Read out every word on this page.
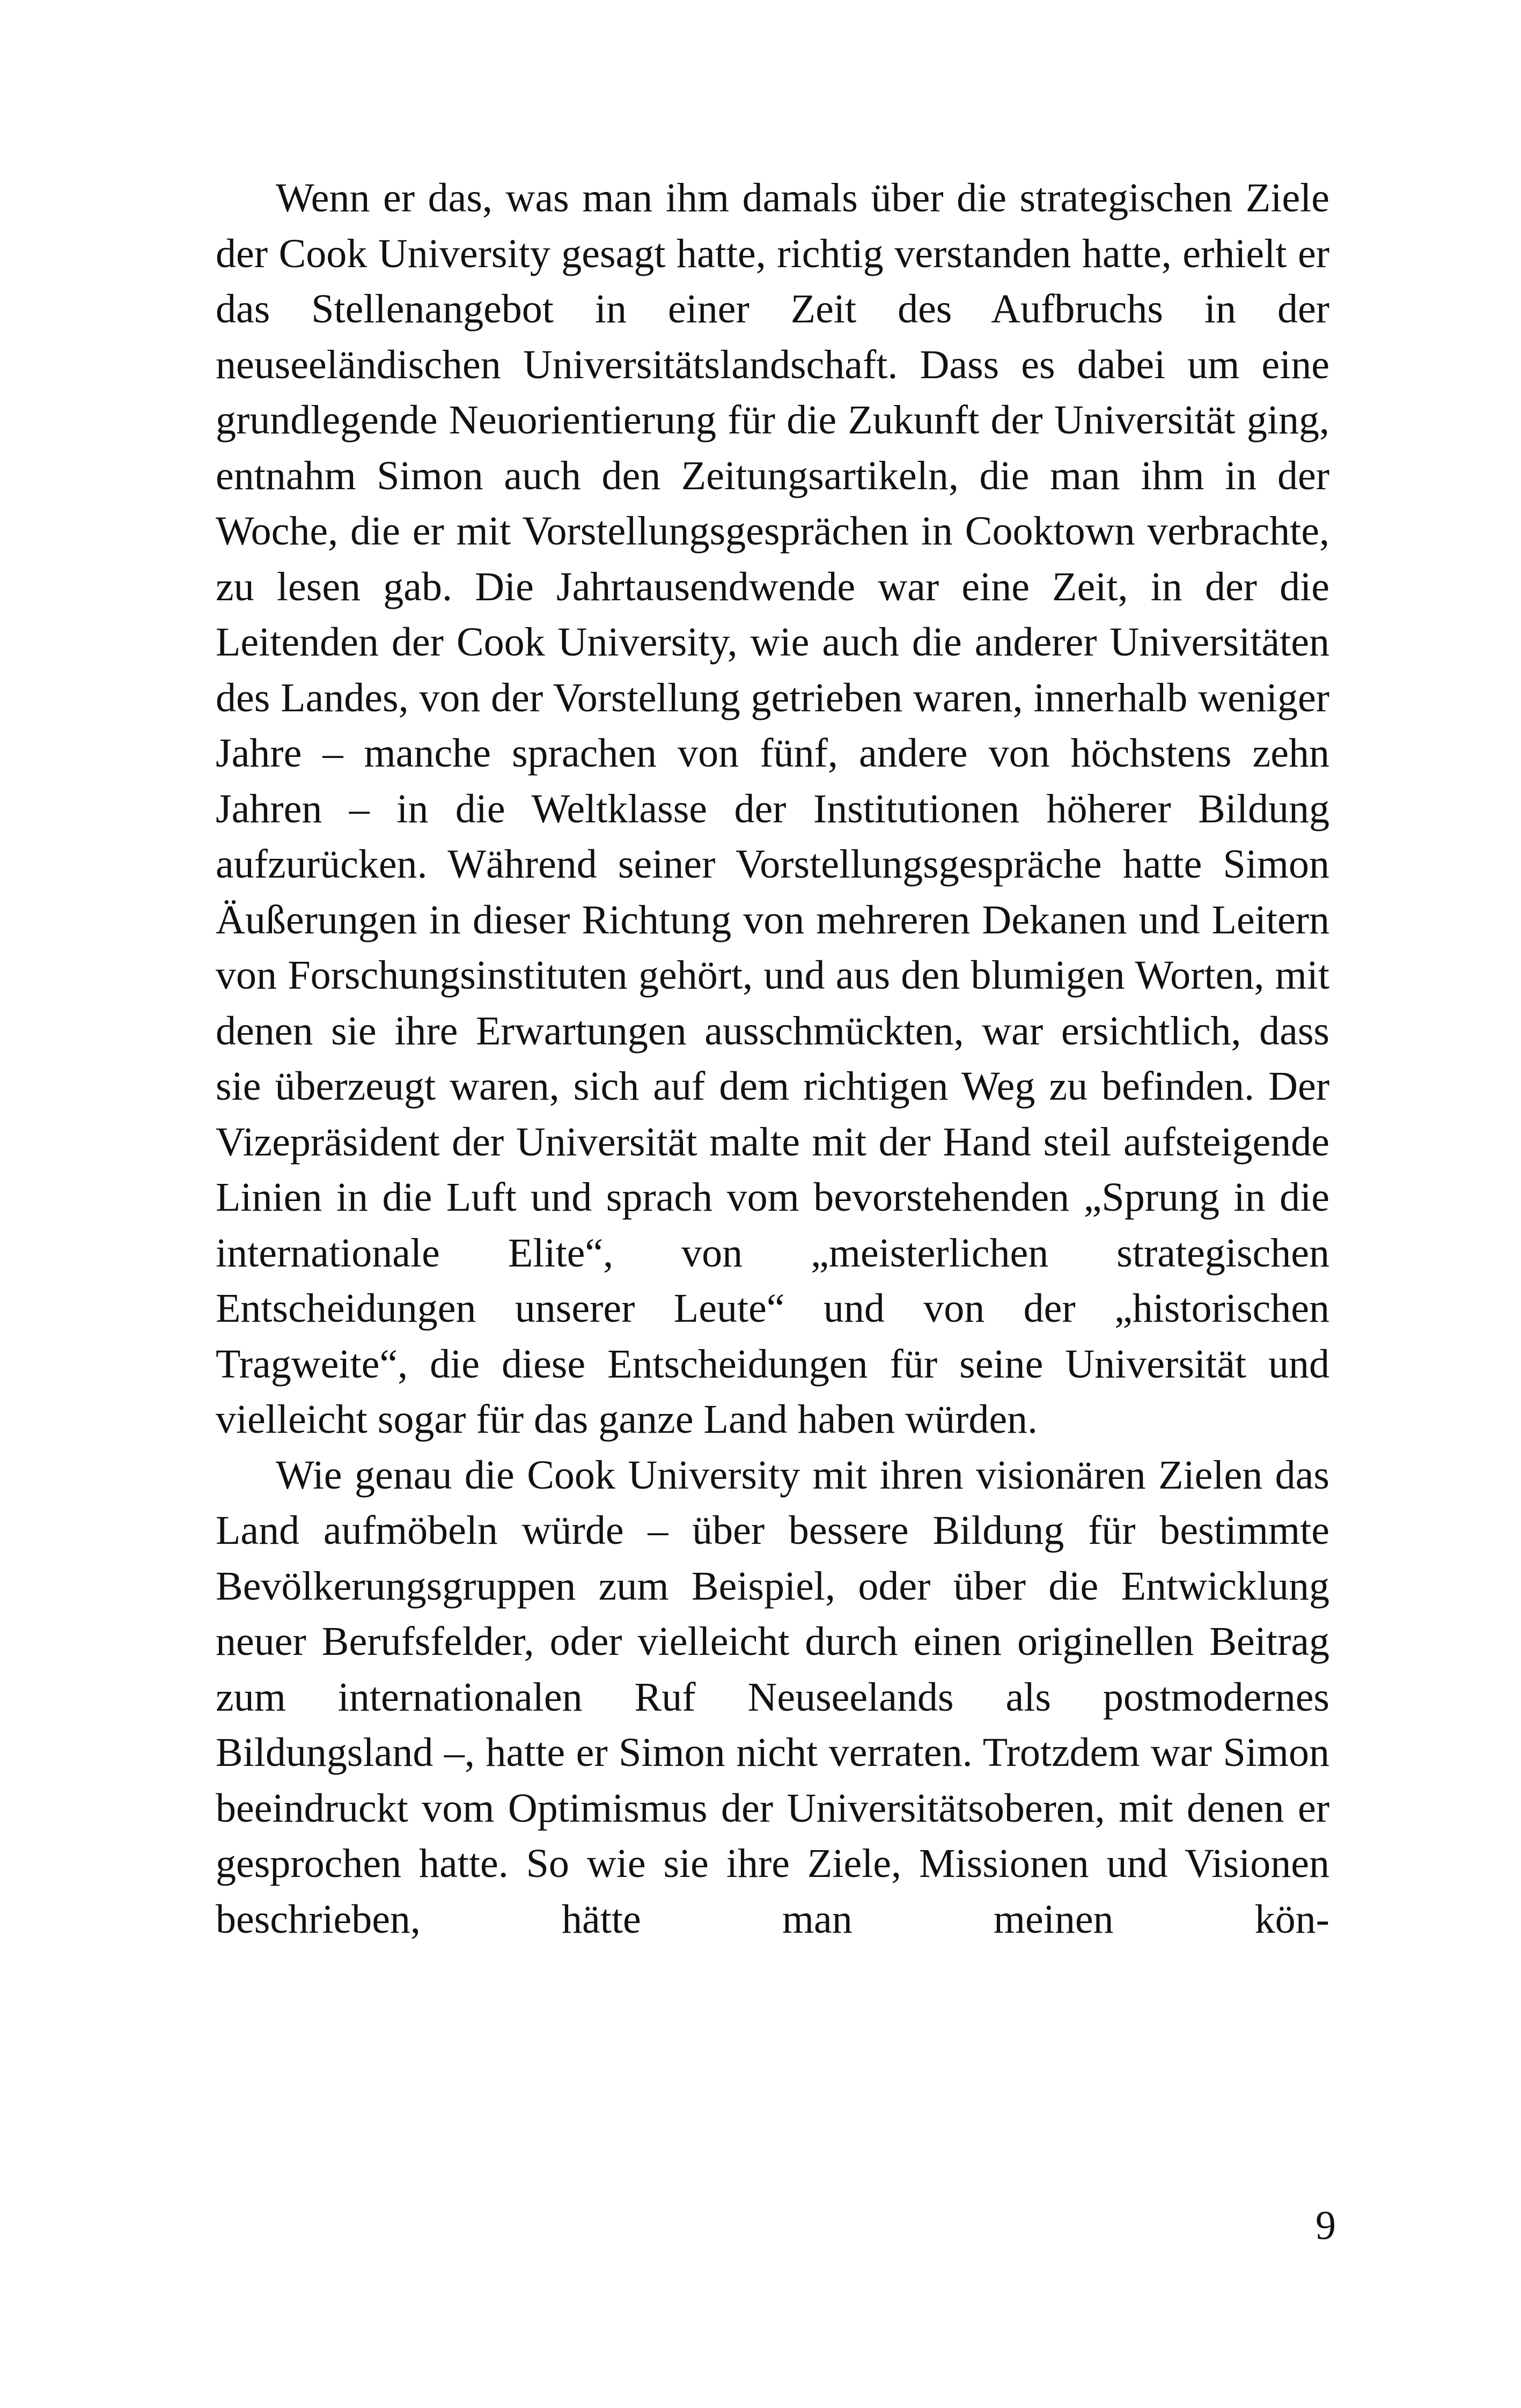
Wenn er das, was man ihm damals über die strategischen Ziele der Cook University gesagt hatte, richtig verstanden hatte, erhielt er das Stellenangebot in einer Zeit des Aufbruchs in der neuseeländischen Universitätslandschaft. Dass es dabei um eine grundlegende Neuorientierung für die Zukunft der Universität ging, entnahm Simon auch den Zeitungsartikeln, die man ihm in der Woche, die er mit Vorstellungsgesprächen in Cooktown verbrachte, zu lesen gab. Die Jahrtausendwende war eine Zeit, in der die Leitenden der Cook University, wie auch die anderer Universitäten des Landes, von der Vorstellung getrieben waren, innerhalb weniger Jahre – manche sprachen von fünf, andere von höchstens zehn Jahren – in die Weltklasse der Institutionen höherer Bildung aufzurücken. Während seiner Vorstellungsgespräche hatte Simon Äußerungen in dieser Richtung von mehreren Dekanen und Leitern von Forschungsinstituten gehört, und aus den blumigen Worten, mit denen sie ihre Erwartungen ausschmückten, war ersichtlich, dass sie überzeugt waren, sich auf dem richtigen Weg zu befinden. Der Vizepräsident der Universität malte mit der Hand steil aufsteigende Linien in die Luft und sprach vom bevorstehenden „Sprung in die internationale Elite“, von „meisterlichen strategischen Entscheidungen unserer Leute“ und von der „historischen Tragweite“, die diese Entscheidungen für seine Universität und vielleicht sogar für das ganze Land haben würden.

Wie genau die Cook University mit ihren visionären Zielen das Land aufmöbeln würde – über bessere Bildung für bestimmte Bevölkerungsgruppen zum Beispiel, oder über die Entwicklung neuer Berufsfelder, oder vielleicht durch einen originellen Beitrag zum internationalen Ruf Neuseelands als postmodernes Bildungsland –, hatte er Simon nicht verraten. Trotzdem war Simon beeindruckt vom Optimismus der Universitätsoberen, mit denen er gesprochen hatte. So wie sie ihre Ziele, Missionen und Visionen beschrieben, hätte man meinen kön-

9
